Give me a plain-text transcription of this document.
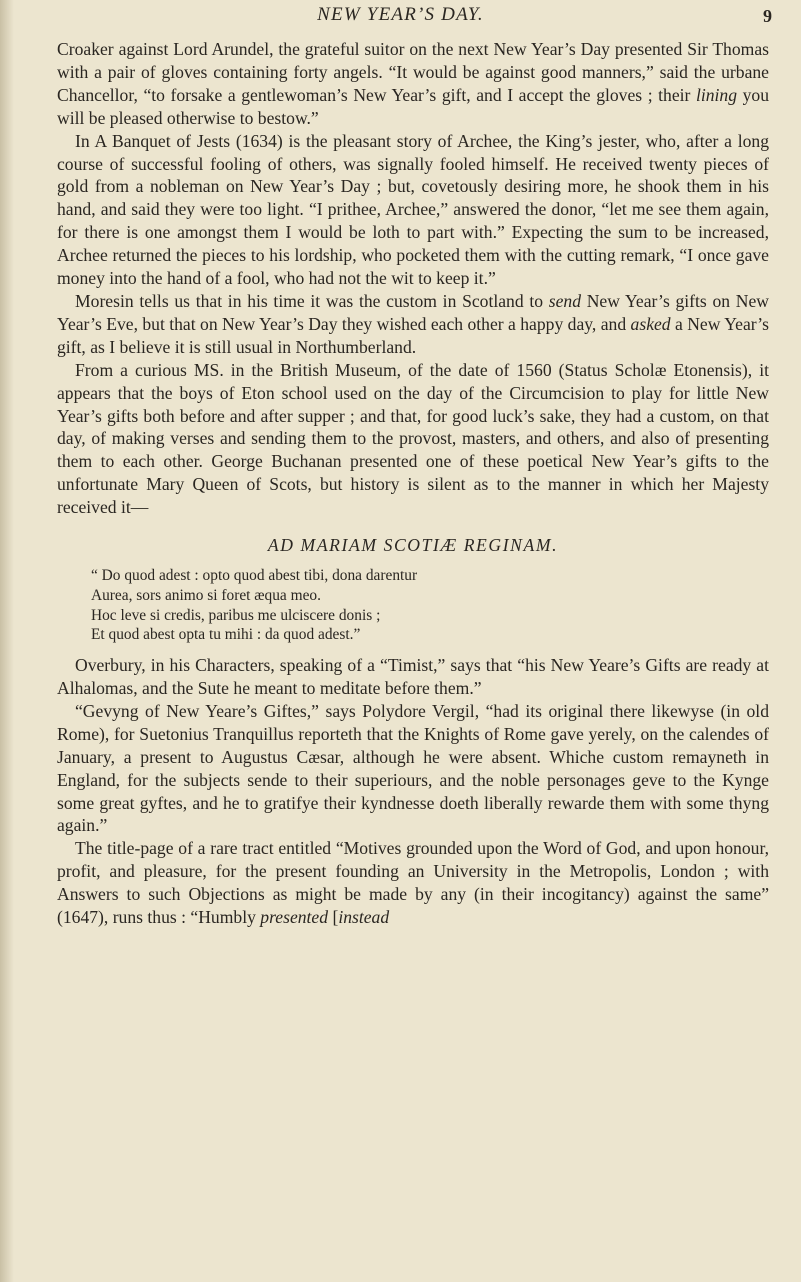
NEW YEAR’S DAY.	9

Croaker against Lord Arundel, the grateful suitor on the next New Year’s Day presented Sir Thomas with a pair of gloves containing forty angels. “It would be against good manners,” said the urbane Chancellor, “to forsake a gentlewoman’s New Year’s gift, and I accept the gloves ; their lining you will be pleased otherwise to bestow.”

In A Banquet of Jests (1634) is the pleasant story of Archee, the King’s jester, who, after a long course of successful fooling of others, was signally fooled himself. He received twenty pieces of gold from a nobleman on New Year’s Day ; but, covetously desiring more, he shook them in his hand, and said they were too light. “I prithee, Archee,” answered the donor, “let me see them again, for there is one amongst them I would be loth to part with.” Expecting the sum to be increased, Archee returned the pieces to his lordship, who pocketed them with the cutting remark, “I once gave money into the hand of a fool, who had not the wit to keep it.”

Moresin tells us that in his time it was the custom in Scotland to send New Year’s gifts on New Year’s Eve, but that on New Year’s Day they wished each other a happy day, and asked a New Year’s gift, as I believe it is still usual in Northumberland.

From a curious MS. in the British Museum, of the date of 1560 (Status Scholæ Etonensis), it appears that the boys of Eton school used on the day of the Circumcision to play for little New Year’s gifts both before and after supper ; and that, for good luck’s sake, they had a custom, on that day, of making verses and sending them to the provost, masters, and others, and also of presenting them to each other. George Buchanan presented one of these poetical New Year’s gifts to the unfortunate Mary Queen of Scots, but history is silent as to the manner in which her Majesty received it—

AD MARIAM SCOTIÆ REGINAM.
“ Do quod adest : opto quod abest tibi, dona darentur
Aurea, sors animo si foret æqua meo.
Hoc leve si credis, paribus me ulciscere donis ;
Et quod abest opta tu mihi : da quod adest.”

Overbury, in his Characters, speaking of a “Timist,” says that “his New Yeare’s Gifts are ready at Alhalomas, and the Sute he meant to meditate before them.”

“Gevyng of New Yeare’s Giftes,” says Polydore Vergil, “had its original there likewyse (in old Rome), for Suetonius Tranquillus reporteth that the Knights of Rome gave yerely, on the calendes of January, a present to Augustus Cæsar, although he were absent. Whiche custom remayneth in England, for the subjects sende to their superiours, and the noble personages geve to the Kynge some great gyftes, and he to gratifye their kyndnesse doeth liberally rewarde them with some thyng again.”

The title-page of a rare tract entitled “Motives grounded upon the Word of God, and upon honour, profit, and pleasure, for the present founding an University in the Metropolis, London ; with Answers to such Objections as might be made by any (in their incogitancy) against the same” (1647), runs thus : “Humbly presented [instead
